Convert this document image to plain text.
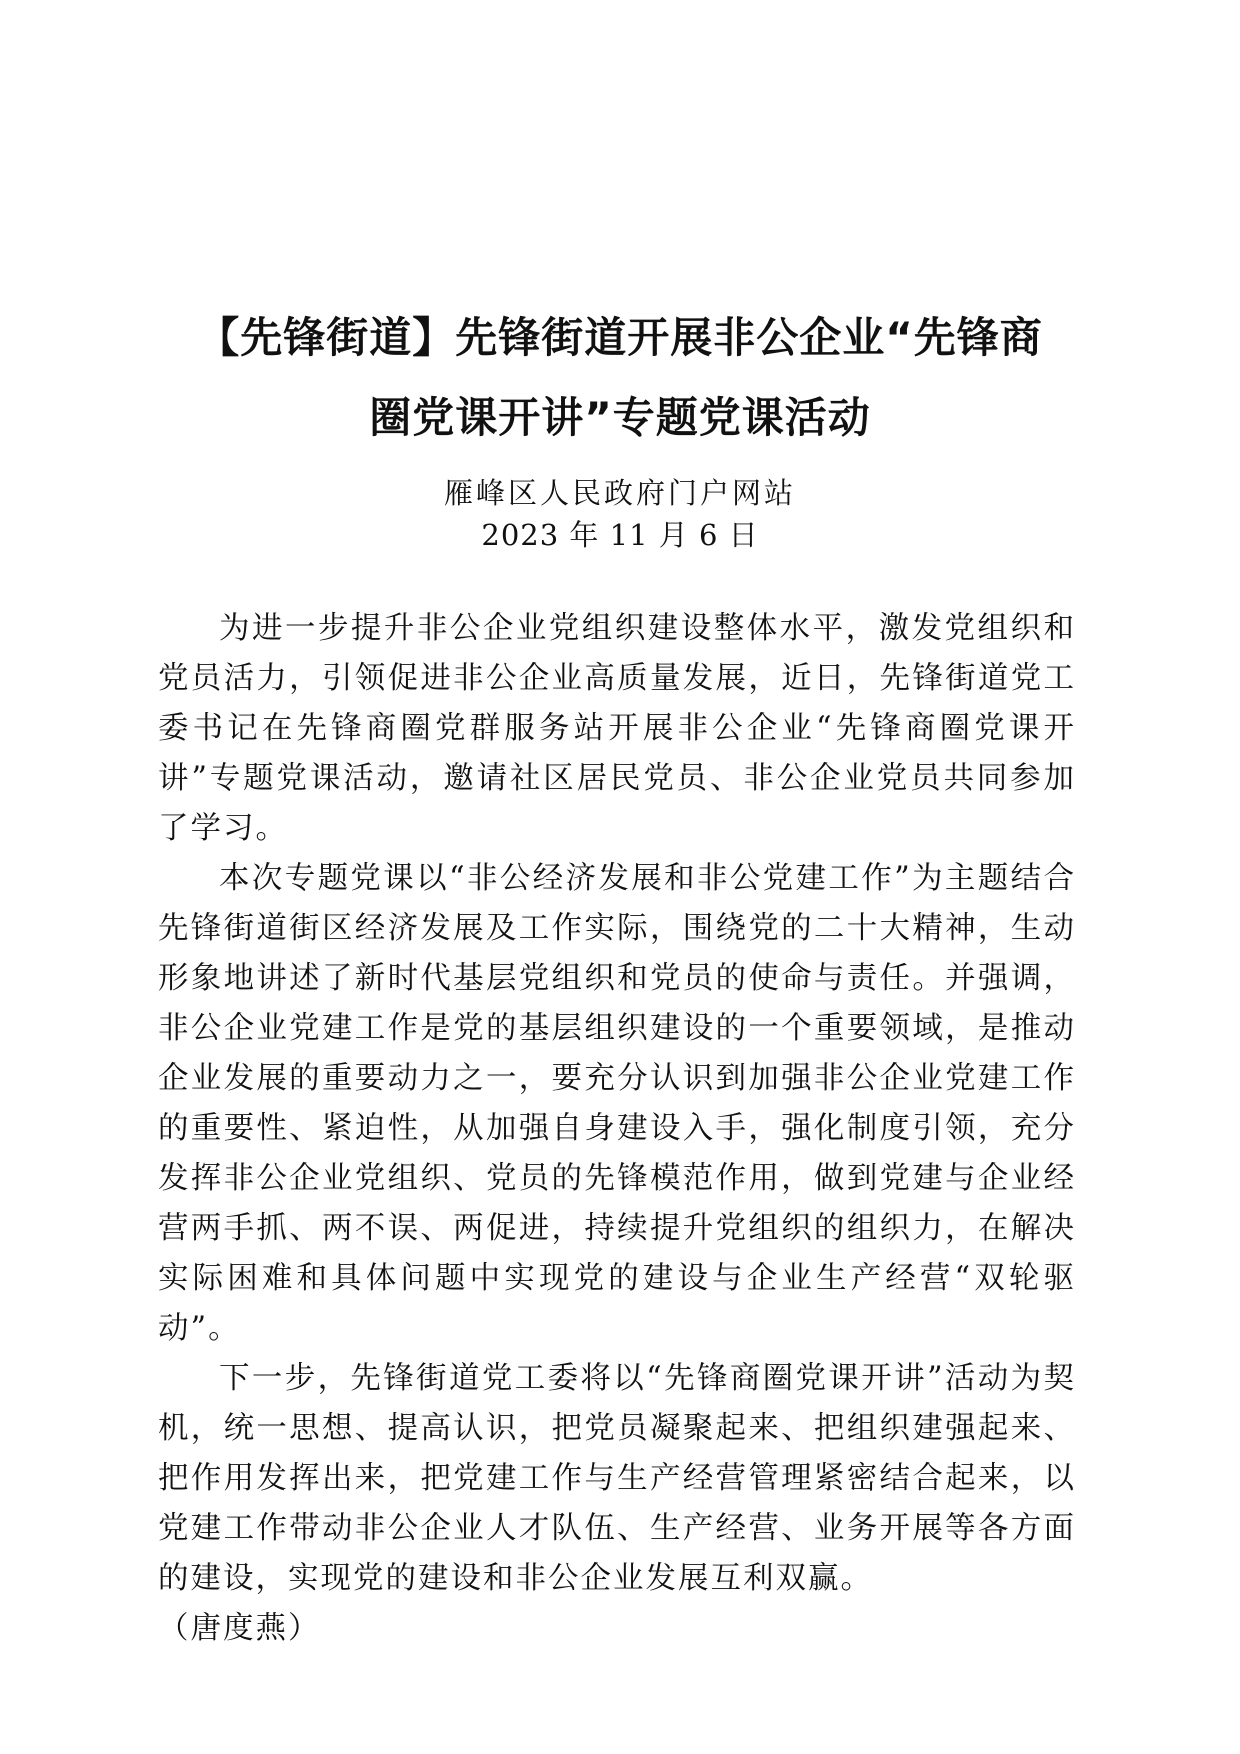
【先锋街道】先锋街道开展非公企业“先锋商
圈党课开讲”专题党课活动
雁峰区人民政府门户网站
2023 年 11 月 6 日

为进一步提升非公企业党组织建设整体水平，激发党组织和党员活力，引领促进非公企业高质量发展，近日，先锋街道党工委书记在先锋商圈党群服务站开展非公企业“先锋商圈党课开讲”专题党课活动，邀请社区居民党员、非公企业党员共同参加了学习。

本次专题党课以“非公经济发展和非公党建工作”为主题结合先锋街道街区经济发展及工作实际，围绕党的二十大精神，生动形象地讲述了新时代基层党组织和党员的使命与责任。并强调，非公企业党建工作是党的基层组织建设的一个重要领域，是推动企业发展的重要动力之一，要充分认识到加强非公企业党建工作的重要性、紧迫性，从加强自身建设入手，强化制度引领，充分发挥非公企业党组织、党员的先锋模范作用，做到党建与企业经营两手抓、两不误、两促进，持续提升党组织的组织力，在解决实际困难和具体问题中实现党的建设与企业生产经营“双轮驱动”。

下一步，先锋街道党工委将以“先锋商圈党课开讲”活动为契机，统一思想、提高认识，把党员凝聚起来、把组织建强起来、把作用发挥出来，把党建工作与生产经营管理紧密结合起来，以党建工作带动非公企业人才队伍、生产经营、业务开展等各方面的建设，实现党的建设和非公企业发展互利双赢。

（唐度燕）
